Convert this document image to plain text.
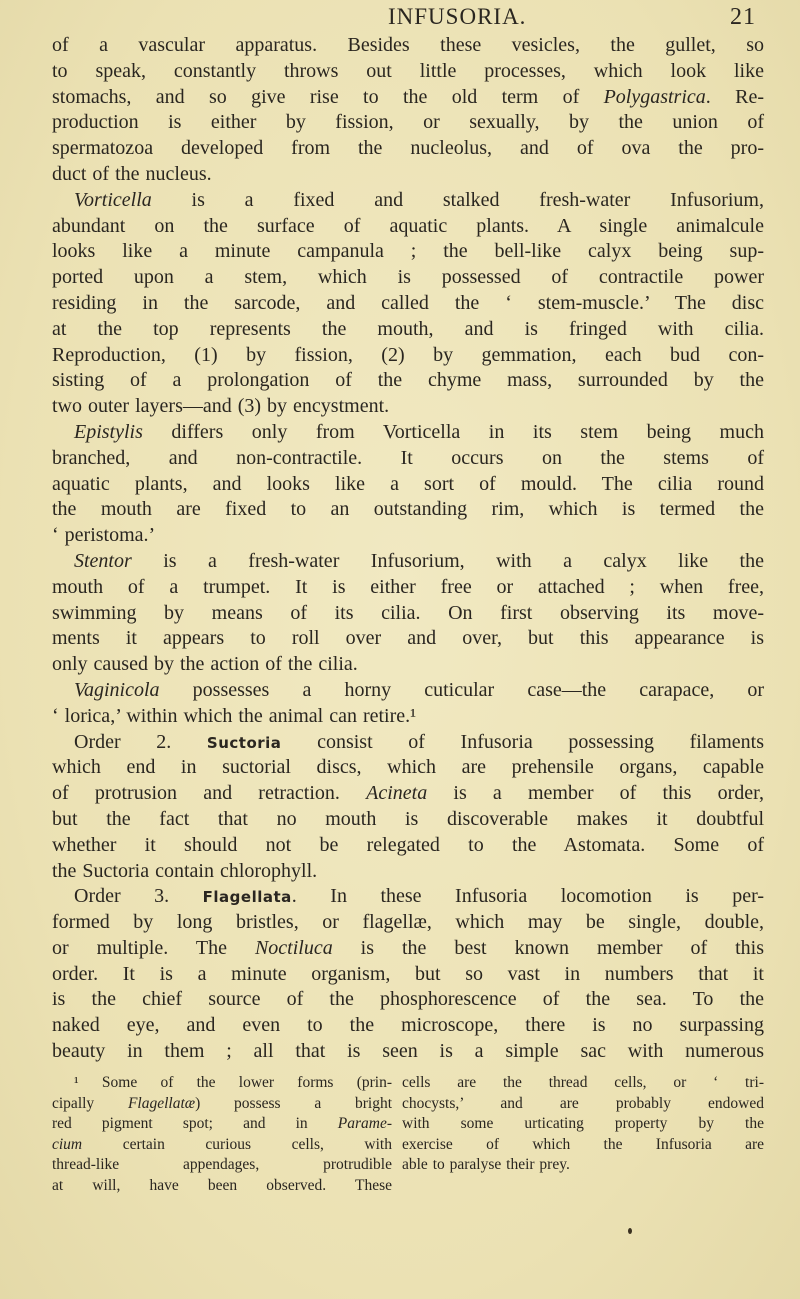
INFUSORIA.	21
of a vascular apparatus. Besides these vesicles, the gullet, so
to speak, constantly throws out little processes, which look like
stomachs, and so give rise to the old term of Polygastrica. Re-
production is either by fission, or sexually, by the union of
spermatozoa developed from the nucleolus, and of ova the pro-
duct of the nucleus.
Vorticella is a fixed and stalked fresh-water Infusorium,
abundant on the surface of aquatic plants. A single animalcule
looks like a minute campanula ; the bell-like calyx being sup-
ported upon a stem, which is possessed of contractile power
residing in the sarcode, and called the ‘ stem-muscle.’ The disc
at the top represents the mouth, and is fringed with cilia.
Reproduction, (1) by fission, (2) by gemmation, each bud con-
sisting of a prolongation of the chyme mass, surrounded by the
two outer layers—and (3) by encystment.
Epistylis differs only from Vorticella in its stem being much
branched, and non-contractile. It occurs on the stems of
aquatic plants, and looks like a sort of mould. The cilia round
the mouth are fixed to an outstanding rim, which is termed the
‘ peristoma.’
Stentor is a fresh-water Infusorium, with a calyx like the
mouth of a trumpet. It is either free or attached ; when free,
swimming by means of its cilia. On first observing its move-
ments it appears to roll over and over, but this appearance is
only caused by the action of the cilia.
Vaginicola possesses a horny cuticular case—the carapace, or
‘ lorica,’ within which the animal can retire.¹
Order 2. Suctoria consist of Infusoria possessing filaments
which end in suctorial discs, which are prehensile organs, capable
of protrusion and retraction. Acineta is a member of this order,
but the fact that no mouth is discoverable makes it doubtful
whether it should not be relegated to the Astomata. Some of
the Suctoria contain chlorophyll.
Order 3. Flagellata. In these Infusoria locomotion is per-
formed by long bristles, or flagellæ, which may be single, double,
or multiple. The Noctiluca is the best known member of this
order. It is a minute organism, but so vast in numbers that it
is the chief source of the phosphorescence of the sea. To the
naked eye, and even to the microscope, there is no surpassing
beauty in them ; all that is seen is a simple sac with numerous
¹ Some of the lower forms (prin-
cipally Flagellatæ) possess a bright
red pigment spot; and in Parame-
cium certain curious cells, with
thread-like appendages, protrudible
at will, have been observed. These
cells are the thread cells, or ‘ tri-
chocysts,’ and are probably endowed
with some urticating property by the
exercise of which the Infusoria are
able to paralyse their prey.
